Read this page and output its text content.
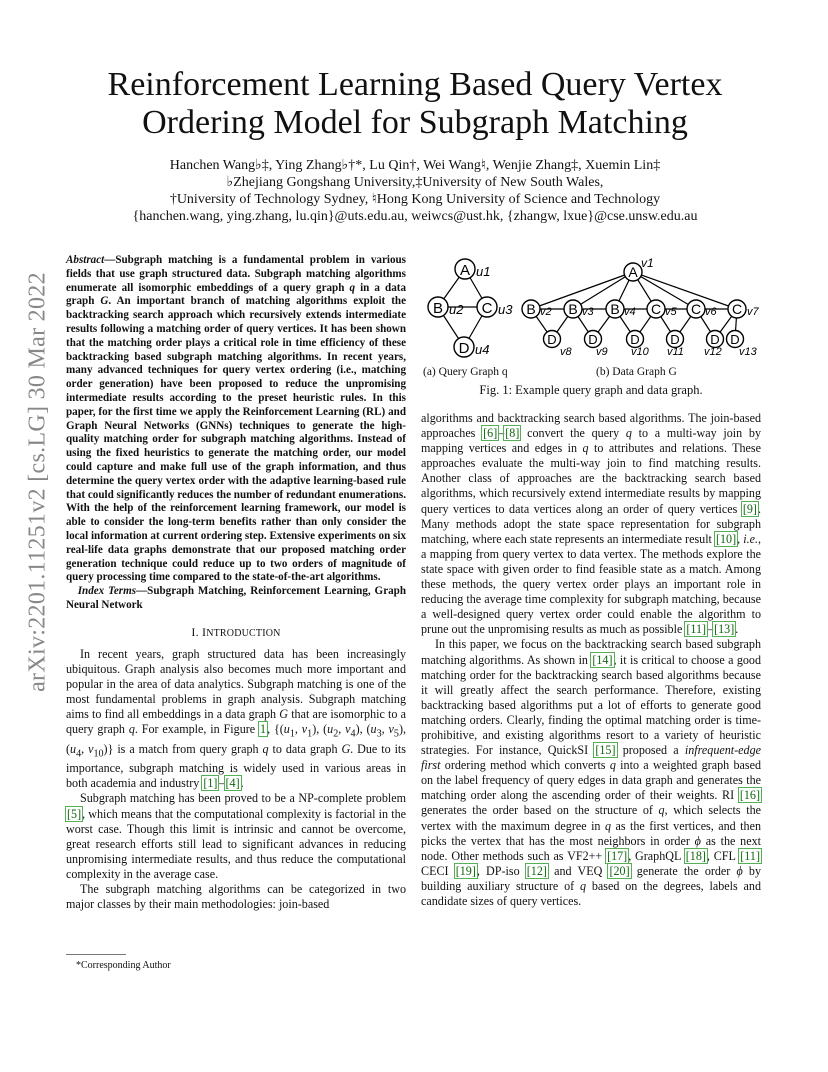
arXiv:2201.11251v2 [cs.LG] 30 Mar 2022
Reinforcement Learning Based Query Vertex Ordering Model for Subgraph Matching
Hanchen Wang♭‡, Ying Zhang♭†*, Lu Qin†, Wei Wang♮, Wenjie Zhang‡, Xuemin Lin‡
♭Zhejiang Gongshang University,‡University of New South Wales,
†University of Technology Sydney, ♮Hong Kong University of Science and Technology
{hanchen.wang, ying.zhang, lu.qin}@uts.edu.au, weiwcs@ust.hk, {zhangw, lxue}@cse.unsw.edu.au
Abstract—Subgraph matching is a fundamental problem in various fields that use graph structured data. Subgraph matching algorithms enumerate all isomorphic embeddings of a query graph q in a data graph G. An important branch of matching algorithms exploit the backtracking search approach which recursively extends intermediate results following a matching order of query vertices. It has been shown that the matching order plays a critical role in time efficiency of these backtracking based subgraph matching algorithms. In recent years, many advanced techniques for query vertex ordering (i.e., matching order generation) have been proposed to reduce the unpromising intermediate results according to the preset heuristic rules. In this paper, for the first time we apply the Reinforcement Learning (RL) and Graph Neural Networks (GNNs) techniques to generate the high-quality matching order for subgraph matching algorithms. Instead of using the fixed heuristics to generate the matching order, our model could capture and make full use of the graph information, and thus determine the query vertex order with the adaptive learning-based rule that could significantly reduces the number of redundant enumerations. With the help of the reinforcement learning framework, our model is able to consider the long-term benefits rather than only consider the local information at current ordering step. Extensive experiments on six real-life data graphs demonstrate that our proposed matching order generation technique could reduce up to two orders of magnitude of query processing time compared to the state-of-the-art algorithms.
Index Terms—Subgraph Matching, Reinforcement Learning, Graph Neural Network
I. INTRODUCTION

In recent years, graph structured data has been increasingly ubiquitous. Graph analysis also becomes much more important and popular in the area of data analytics. Subgraph matching is one of the most fundamental problems in graph analysis. Subgraph matching aims to find all embeddings in a data graph G that are isomorphic to a query graph q. For example, in Figure 1, {($u_1$, $v_1$), ($u_2$, $v_4$), ($u_3$, $v_5$), ($u_4$, $v_{10}$)} is a match from query graph q to data graph G. Due to its importance, subgraph matching is widely used in various areas in both academia and industry [1]–[4].

Subgraph matching has been proved to be a NP-complete problem [5], which means that the computational complexity is factorial in the worst case. Though this limit is intrinsic and cannot be overcome, great research efforts still lead to significant advances in reducing unpromising intermediate results, and thus reduce the computational complexity in the average case.

The subgraph matching algorithms can be categorized in two major classes by their main methodologies: join-based

*Corresponding Author
A u1
B u2 C u3
D u4
A
v1
B v2 B v3 B v4 C v5 C v6 C v7
D
v8
D
v9
D
v10
D
v11
D
v12
D
v13
(a) Query Graph q	(b) Data Graph G
Fig. 1: Example query graph and data graph.

algorithms and backtracking search based algorithms. The join-based approaches [6]–[8] convert the query q to a multi-way join by mapping vertices and edges in q to attributes and relations. These approaches evaluate the multi-way join to find matching results. Another class of approaches are the backtracking search based algorithms, which recursively extend intermediate results by mapping query vertices to data vertices along an order of query vertices [9]. Many methods adopt the state space representation for subgraph matching, where each state represents an intermediate result [10], i.e., a mapping from query vertex to data vertex. The methods explore the state space with given order to find feasible state as a match. Among these methods, the query vertex order plays an important role in reducing the average time complexity for subgraph matching, because a well-designed query vertex order could enable the algorithm to prune out the unpromising results as much as possible [11]–[13].

In this paper, we focus on the backtracking search based subgraph matching algorithms. As shown in [14], it is critical to choose a good matching order for the backtracking search based algorithms because it will greatly affect the search performance. Therefore, existing backtracking based algorithms put a lot of efforts to generate good matching orders. Clearly, finding the optimal matching order is time-prohibitive, and existing algorithms resort to a variety of heuristic strategies. For instance, QuickSI [15] proposed a infrequent-edge first ordering method which converts q into a weighted graph based on the label frequency of query edges in data graph and generates the matching order along the ascending order of their weights. RI [16] generates the order based on the structure of q, which selects the vertex with the maximum degree in q as the first vertices, and then picks the vertex that has the most neighbors in order ϕ as the next node. Other methods such as VF2++ [17], GraphQL [18], CFL [11] CECI [19], DP-iso [12] and VEQ [20] generate the order ϕ by building auxiliary structure of q based on the degrees, labels and candidate sizes of query vertices.
